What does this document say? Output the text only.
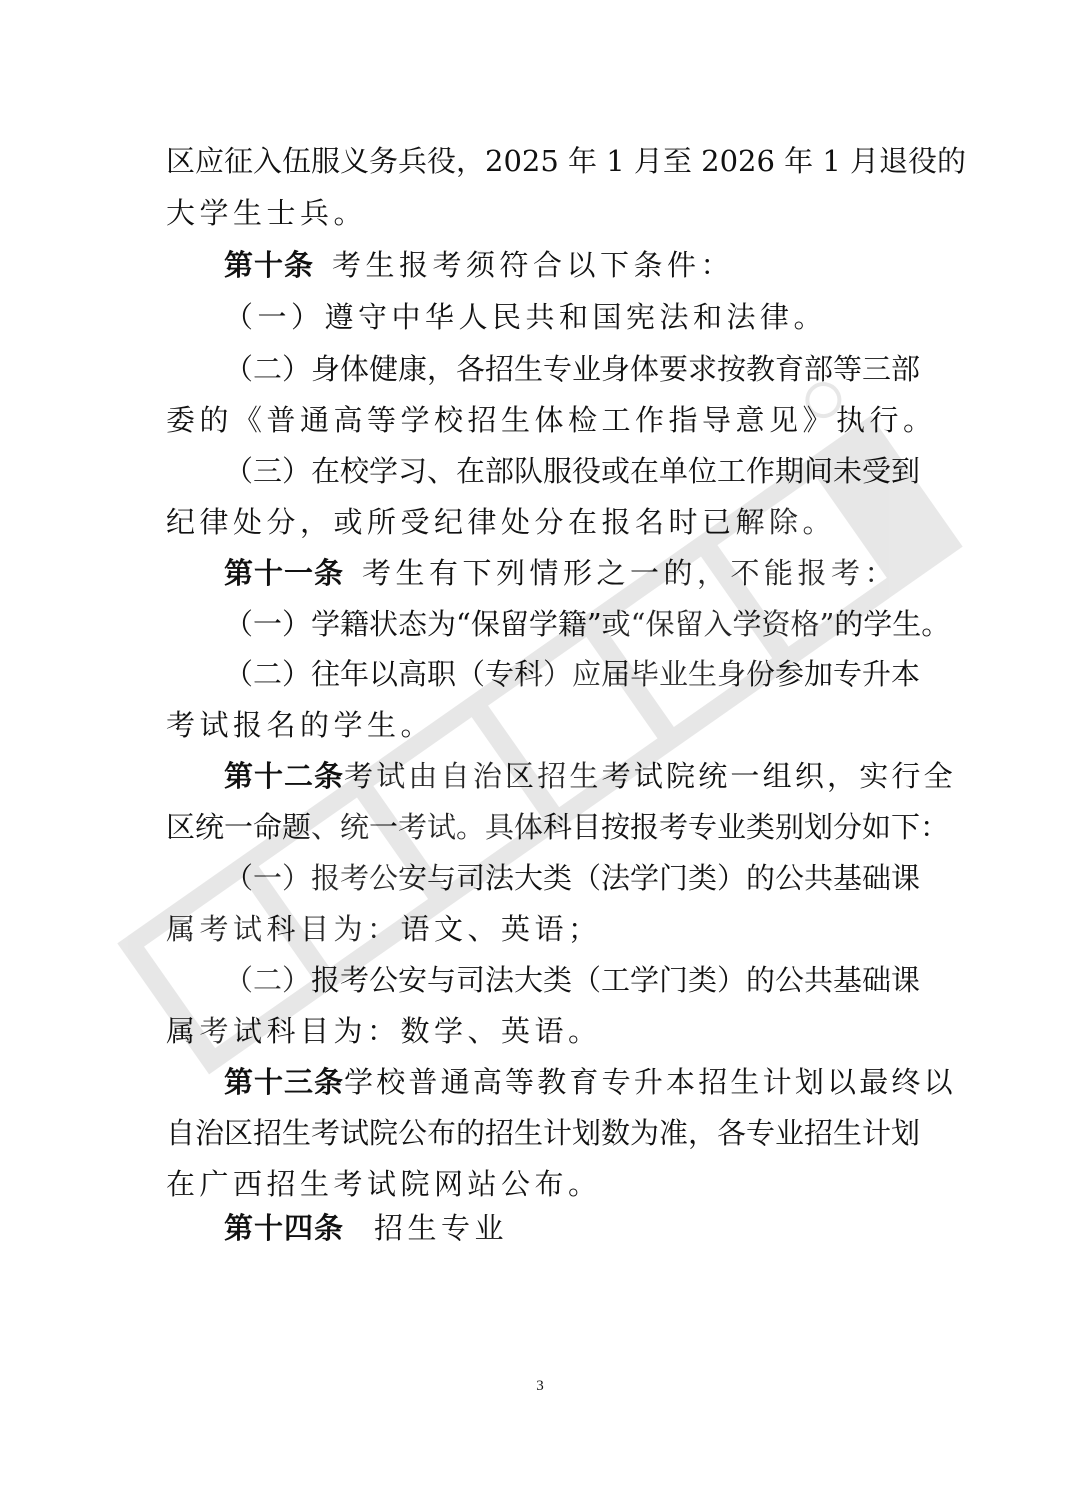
区应征入伍服义务兵役，2025 年 1 月至 2026 年 1 月退役的
大学生士兵。
第十条 考生报考须符合以下条件：
（一）遵守中华人民共和国宪法和法律。
（二）身体健康，各招生专业身体要求按教育部等三部
委的《普通高等学校招生体检工作指导意见》执行。
（三）在校学习、在部队服役或在单位工作期间未受到
纪律处分，或所受纪律处分在报名时已解除。
第十一条 考生有下列情形之一的，不能报考：
（一）学籍状态为“保留学籍”或“保留入学资格”的学生。
（二）往年以高职（专科）应届毕业生身份参加专升本
考试报名的学生。
第十二条 考试由自治区招生考试院统一组织，实行全
区统一命题、统一考试。具体科目按报考专业类别划分如下：
（一）报考公安与司法大类（法学门类）的公共基础课
属考试科目为：语文、英语；
（二）报考公安与司法大类（工学门类）的公共基础课
属考试科目为：数学、英语。
第十三条 学校普通高等教育专升本招生计划以最终以
自治区招生考试院公布的招生计划数为准，各专业招生计划
在广西招生考试院网站公布。
第十四条 招生专业
3
